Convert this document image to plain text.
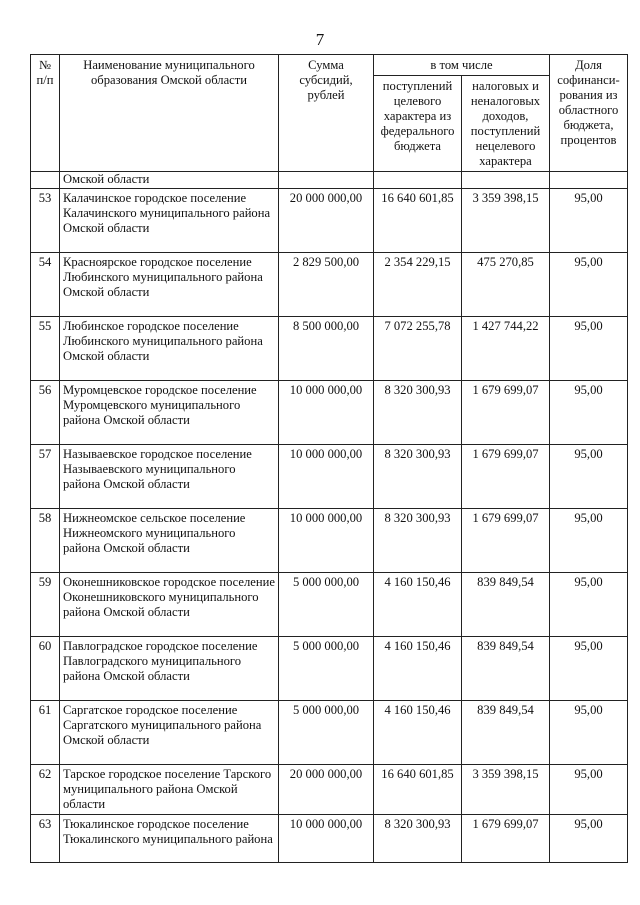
7
№ п/п	Наименование муниципального образования Омской области	Сумма субсидий, рублей	в том числе		Доля софинанси-рования из областного бюджета, процентов
			поступлений целевого характера из федерального бюджета	налоговых и неналоговых доходов, поступлений нецелевого характера	
	Омской области				
53	Калачинское городское поселение Калачинского муниципального района Омской области	20 000 000,00	16 640 601,85	3 359 398,15	95,00
54	Красноярское городское поселение Любинского муниципального района Омской области	2 829 500,00	2 354 229,15	475 270,85	95,00
55	Любинское городское поселение Любинского муниципального района Омской области	8 500 000,00	7 072 255,78	1 427 744,22	95,00
56	Муромцевское городское поселение Муромцевского муниципального района Омской области	10 000 000,00	8 320 300,93	1 679 699,07	95,00
57	Называевское городское поселение Называевского муниципального района Омской области	10 000 000,00	8 320 300,93	1 679 699,07	95,00
58	Нижнеомское сельское поселение Нижнеомского муниципального района Омской области	10 000 000,00	8 320 300,93	1 679 699,07	95,00
59	Оконешниковское городское поселение Оконешниковского муниципального района Омской области	5 000 000,00	4 160 150,46	839 849,54	95,00
60	Павлоградское городское поселение Павлоградского муниципального района Омской области	5 000 000,00	4 160 150,46	839 849,54	95,00
61	Саргатское городское поселение Саргатского муниципального района Омской области	5 000 000,00	4 160 150,46	839 849,54	95,00
62	Тарское городское поселение Тарского муниципального района Омской области	20 000 000,00	16 640 601,85	3 359 398,15	95,00
63	Тюкалинское городское поселение Тюкалинского муниципального района	10 000 000,00	8 320 300,93	1 679 699,07	95,00
